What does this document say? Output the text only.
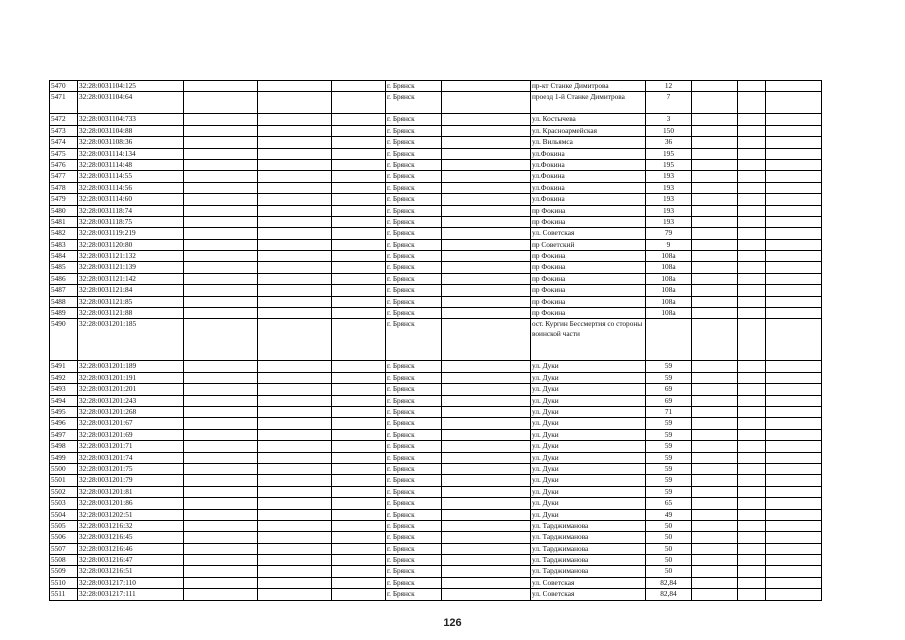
5470	32:28:0031104:125				г. Брянск		пр-кт Станке Димитрова	12			
5471	32:28:0031104:64				г. Брянск		проезд 1-й Станке Димитрова	7			
5472	32:28:0031104:733				г. Брянск		ул. Костычева	3			
5473	32:28:0031104:88				г. Брянск		ул. Красноармейская	150			
5474	32:28:0031108:36				г. Брянск		ул. Вильямса	36			
5475	32:28:0031114:134				г. Брянск		ул.Фокина	195			
5476	32:28:0031114:48				г. Брянск		ул.Фокина	195			
5477	32:28:0031114:55				г. Брянск		ул.Фокина	193			
5478	32:28:0031114:56				г. Брянск		ул.Фокина	193			
5479	32:28:0031114:60				г. Брянск		ул.Фокина	193			
5480	32:28:0031118:74				г. Брянск		пр Фокина	193			
5481	32:28:0031118:75				г. Брянск		пр Фокина	193			
5482	32:28:0031119:219				г. Брянск		ул. Советская	79			
5483	32:28:0031120:80				г. Брянск		пр Советский	9			
5484	32:28:0031121:132				г. Брянск		пр Фокина	108а			
5485	32:28:0031121:139				г. Брянск		пр Фокина	108а			
5486	32:28:0031121:142				г. Брянск		пр Фокина	108а			
5487	32:28:0031121:84				г. Брянск		пр Фокина	108а			
5488	32:28:0031121:85				г. Брянск		пр Фокина	108а			
5489	32:28:0031121:88				г. Брянск		пр Фокина	108а			
5490	32:28:0031201:185				г. Брянск		ост. Кургин Бессмертия со стороны воинской части				
5491	32:28:0031201:189				г. Брянск		ул. Дуки	59			
5492	32:28:0031201:191				г. Брянск		ул. Дуки	59			
5493	32:28:0031201:201				г. Брянск		ул. Дуки	69			
5494	32:28:0031201:243				г. Брянск		ул. Дуки	69			
5495	32:28:0031201:268				г. Брянск		ул. Дуки	71			
5496	32:28:0031201:67				г. Брянск		ул. Дуки	59			
5497	32:28:0031201:69				г. Брянск		ул. Дуки	59			
5498	32:28:0031201:71				г. Брянск		ул. Дуки	59			
5499	32:28:0031201:74				г. Брянск		ул. Дуки	59			
5500	32:28:0031201:75				г. Брянск		ул. Дуки	59			
5501	32:28:0031201:79				г. Брянск		ул. Дуки	59			
5502	32:28:0031201:81				г. Брянск		ул. Дуки	59			
5503	32:28:0031201:86				г. Брянск		ул. Дуки	65			
5504	32:28:0031202:51				г. Брянск		ул. Дуки	49			
5505	32:28:0031216:32				г. Брянск		ул. Тарджиманова	50			
5506	32:28:0031216:45				г. Брянск		ул. Тарджиманова	50			
5507	32:28:0031216:46				г. Брянск		ул. Тарджиманова	50			
5508	32:28:0031216:47				г. Брянск		ул. Тарджиманова	50			
5509	32:28:0031216:51				г. Брянск		ул. Тарджиманова	50			
5510	32:28:0031217:110				г. Брянск		ул. Советская	82,84			
5511	32:28:0031217:111				г. Брянск		ул. Советская	82,84			
126
